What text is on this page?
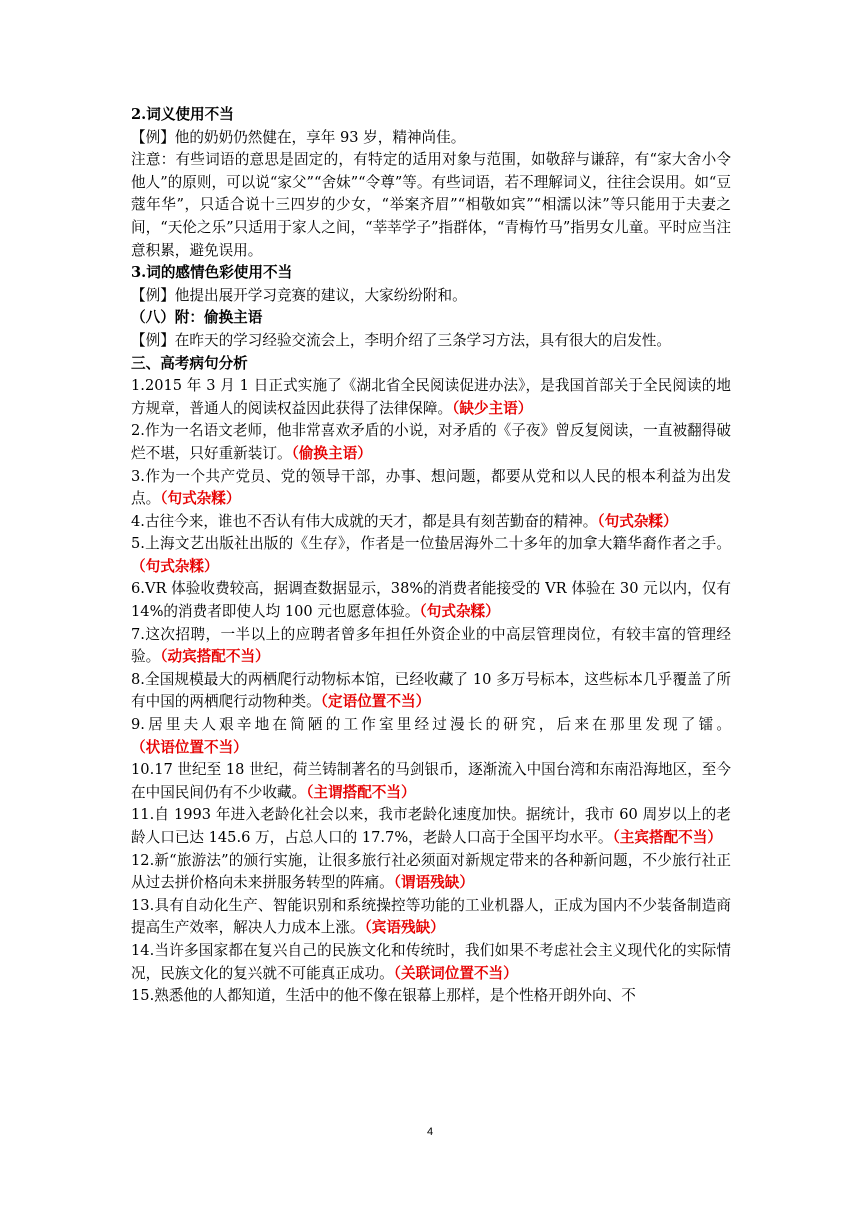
2.词义使用不当

【例】他的奶奶仍然健在，享年 93 岁，精神尚佳。

注意：有些词语的意思是固定的，有特定的适用对象与范围，如敬辞与谦辞，有“家大舍小令他人”的原则，可以说“家父”“舍妹”“令尊”等。有些词语，若不理解词义，往往会误用。如“豆蔻年华”，只适合说十三四岁的少女，“举案齐眉”“相敬如宾”“相濡以沫”等只能用于夫妻之间，“天伦之乐”只适用于家人之间，“莘莘学子”指群体，“青梅竹马”指男女儿童。平时应当注意积累，避免误用。

3.词的感情色彩使用不当

【例】他提出展开学习竞赛的建议，大家纷纷附和。

（八）附：偷换主语

【例】在昨天的学习经验交流会上，李明介绍了三条学习方法，具有很大的启发性。

三、高考病句分析

1.2015 年 3 月 1 日正式实施了《湖北省全民阅读促进办法》，是我国首部关于全民阅读的地方规章，普通人的阅读权益因此获得了法律保障。（缺少主语）

2.作为一名语文老师，他非常喜欢矛盾的小说，对矛盾的《子夜》曾反复阅读，一直被翻得破烂不堪，只好重新装订。（偷换主语）

3.作为一个共产党员、党的领导干部，办事、想问题，都要从党和以人民的根本利益为出发点。（句式杂糅）

4.古往今来，谁也不否认有伟大成就的天才，都是具有刻苦勤奋的精神。（句式杂糅）

5.上海文艺出版社出版的《生存》，作者是一位蛰居海外二十多年的加拿大籍华裔作者之手。（句式杂糅）

6.VR 体验收费较高，据调查数据显示，38%的消费者能接受的 VR 体验在 30 元以内，仅有 14%的消费者即使人均 100 元也愿意体验。（句式杂糅）

7.这次招聘，一半以上的应聘者曾多年担任外资企业的中高层管理岗位，有较丰富的管理经验。（动宾搭配不当）

8.全国规模最大的两栖爬行动物标本馆，已经收藏了 10 多万号标本，这些标本几乎覆盖了所有中国的两栖爬行动物种类。（定语位置不当）

9.居里夫人艰辛地在简陋的工作室里经过漫长的研究，后来在那里发现了镭。（状语位置不当）

10.17 世纪至 18 世纪，荷兰铸制著名的马剑银币，逐渐流入中国台湾和东南沿海地区，至今在中国民间仍有不少收藏。（主谓搭配不当）

11.自 1993 年进入老龄化社会以来，我市老龄化速度加快。据统计，我市 60 周岁以上的老龄人口已达 145.6 万，占总人口的 17.7%，老龄人口高于全国平均水平。（主宾搭配不当）

12.新“旅游法”的颁行实施，让很多旅行社必须面对新规定带来的各种新问题，不少旅行社正从过去拼价格向未来拼服务转型的阵痛。（谓语残缺）

13.具有自动化生产、智能识别和系统操控等功能的工业机器人，正成为国内不少装备制造商提高生产效率，解决人力成本上涨。（宾语残缺）

14.当许多国家都在复兴自己的民族文化和传统时，我们如果不考虑社会主义现代化的实际情况，民族文化的复兴就不可能真正成功。（关联词位置不当）

15.熟悉他的人都知道，生活中的他不像在银幕上那样，是个性格开朗外向、不

4
